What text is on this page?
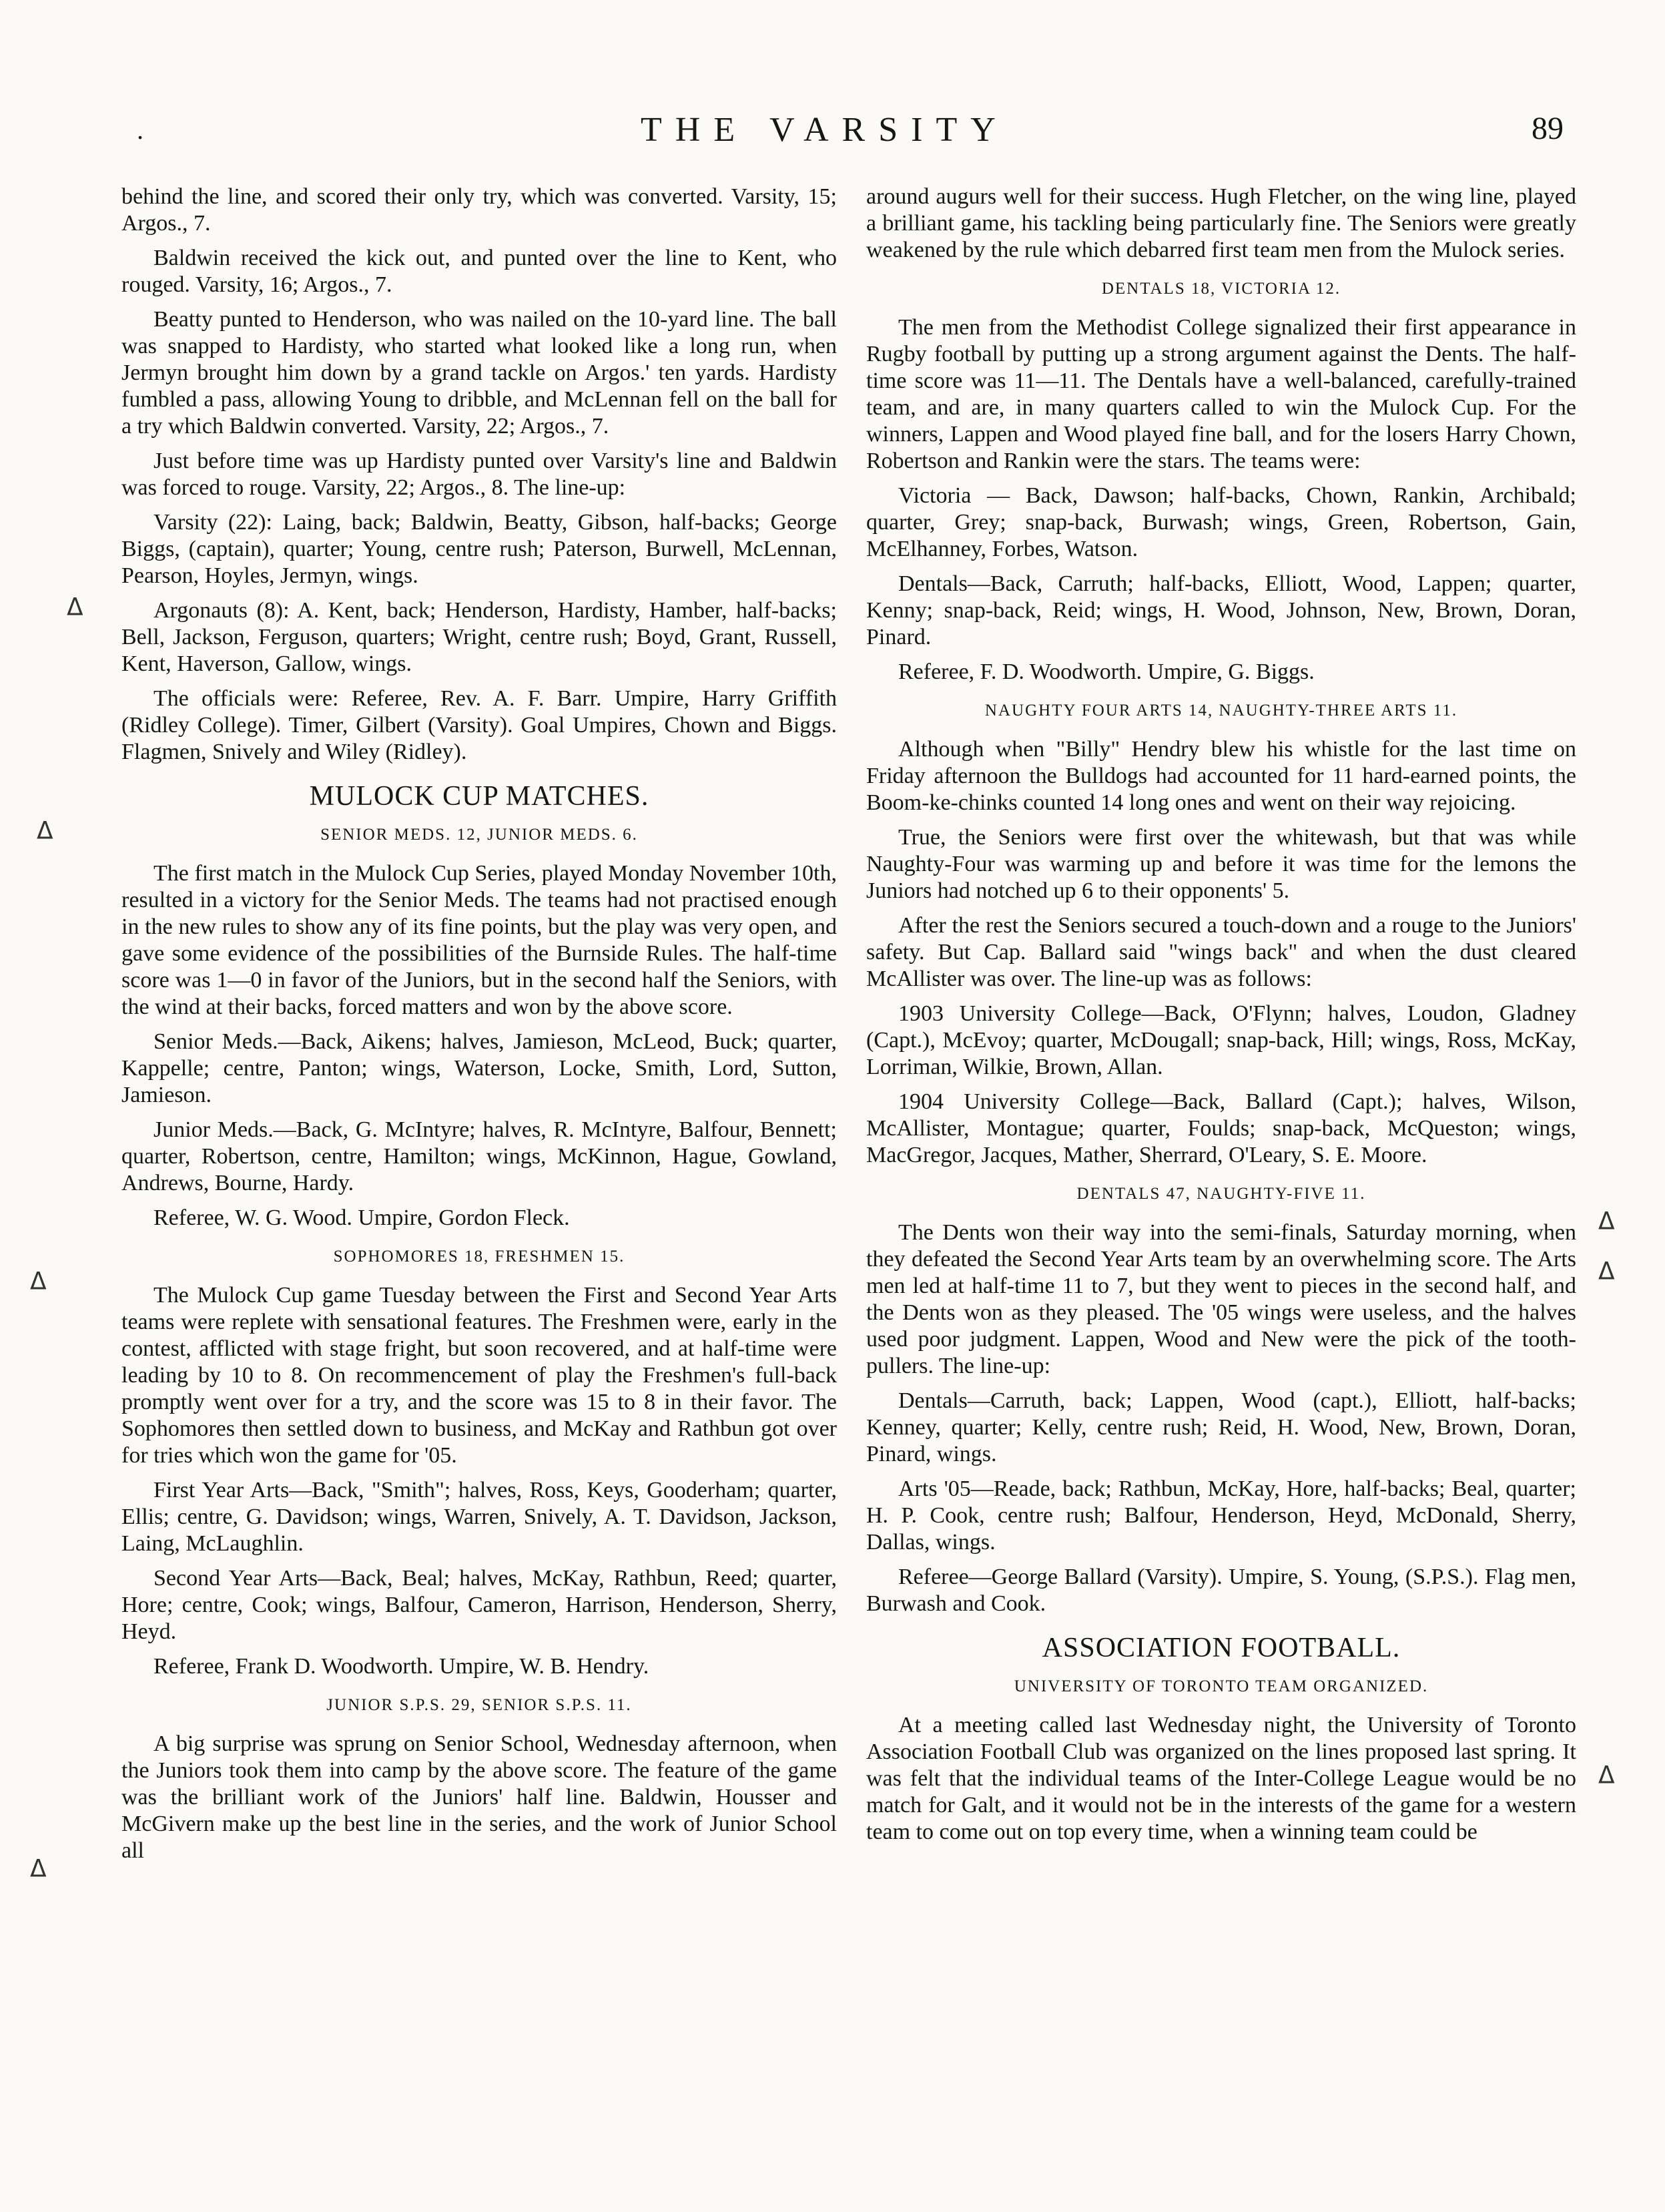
.	THE VARSITY	89

behind the line, and scored their only try, which was converted. Varsity, 15; Argos., 7.

Baldwin received the kick out, and punted over the line to Kent, who rouged. Varsity, 16; Argos., 7.

Beatty punted to Henderson, who was nailed on the 10-yard line. The ball was snapped to Hardisty, who started what looked like a long run, when Jermyn brought him down by a grand tackle on Argos.' ten yards. Hardisty fumbled a pass, allowing Young to dribble, and McLennan fell on the ball for a try which Baldwin converted. Varsity, 22; Argos., 7.

Just before time was up Hardisty punted over Varsity's line and Baldwin was forced to rouge. Varsity, 22; Argos., 8. The line-up:

Varsity (22): Laing, back; Baldwin, Beatty, Gibson, half-backs; George Biggs, (captain), quarter; Young, centre rush; Paterson, Burwell, McLennan, Pearson, Hoyles, Jermyn, wings.

Argonauts (8): A. Kent, back; Henderson, Hardisty, Hamber, half-backs; Bell, Jackson, Ferguson, quarters; Wright, centre rush; Boyd, Grant, Russell, Kent, Haverson, Gallow, wings.

The officials were: Referee, Rev. A. F. Barr. Umpire, Harry Griffith (Ridley College). Timer, Gilbert (Varsity). Goal Umpires, Chown and Biggs. Flagmen, Snively and Wiley (Ridley).

MULOCK CUP MATCHES.
SENIOR MEDS. 12, JUNIOR MEDS. 6.

The first match in the Mulock Cup Series, played Monday November 10th, resulted in a victory for the Senior Meds. The teams had not practised enough in the new rules to show any of its fine points, but the play was very open, and gave some evidence of the possibilities of the Burnside Rules. The half-time score was 1—0 in favor of the Juniors, but in the second half the Seniors, with the wind at their backs, forced matters and won by the above score.

Senior Meds.—Back, Aikens; halves, Jamieson, McLeod, Buck; quarter, Kappelle; centre, Panton; wings, Waterson, Locke, Smith, Lord, Sutton, Jamieson.

Junior Meds.—Back, G. McIntyre; halves, R. McIntyre, Balfour, Bennett; quarter, Robertson, centre, Hamilton; wings, McKinnon, Hague, Gowland, Andrews, Bourne, Hardy.

Referee, W. G. Wood. Umpire, Gordon Fleck.

SOPHOMORES 18, FRESHMEN 15.

The Mulock Cup game Tuesday between the First and Second Year Arts teams were replete with sensational features. The Freshmen were, early in the contest, afflicted with stage fright, but soon recovered, and at half-time were leading by 10 to 8. On recommencement of play the Freshmen's full-back promptly went over for a try, and the score was 15 to 8 in their favor. The Sophomores then settled down to business, and McKay and Rathbun got over for tries which won the game for '05.

First Year Arts—Back, "Smith"; halves, Ross, Keys, Gooderham; quarter, Ellis; centre, G. Davidson; wings, Warren, Snively, A. T. Davidson, Jackson, Laing, McLaughlin.

Second Year Arts—Back, Beal; halves, McKay, Rathbun, Reed; quarter, Hore; centre, Cook; wings, Balfour, Cameron, Harrison, Henderson, Sherry, Heyd.

Referee, Frank D. Woodworth. Umpire, W. B. Hendry.

JUNIOR S.P.S. 29, SENIOR S.P.S. 11.

A big surprise was sprung on Senior School, Wednesday afternoon, when the Juniors took them into camp by the above score. The feature of the game was the brilliant work of the Juniors' half line. Baldwin, Housser and McGivern make up the best line in the series, and the work of Junior School all

around augurs well for their success. Hugh Fletcher, on the wing line, played a brilliant game, his tackling being particularly fine. The Seniors were greatly weakened by the rule which debarred first team men from the Mulock series.

DENTALS 18, VICTORIA 12.

The men from the Methodist College signalized their first appearance in Rugby football by putting up a strong argument against the Dents. The half-time score was 11—11. The Dentals have a well-balanced, carefully-trained team, and are, in many quarters called to win the Mulock Cup. For the winners, Lappen and Wood played fine ball, and for the losers Harry Chown, Robertson and Rankin were the stars. The teams were:

Victoria — Back, Dawson; half-backs, Chown, Rankin, Archibald; quarter, Grey; snap-back, Burwash; wings, Green, Robertson, Gain, McElhanney, Forbes, Watson.

Dentals—Back, Carruth; half-backs, Elliott, Wood, Lappen; quarter, Kenny; snap-back, Reid; wings, H. Wood, Johnson, New, Brown, Doran, Pinard.

Referee, F. D. Woodworth. Umpire, G. Biggs.

NAUGHTY FOUR ARTS 14, NAUGHTY-THREE ARTS 11.

Although when "Billy" Hendry blew his whistle for the last time on Friday afternoon the Bulldogs had accounted for 11 hard-earned points, the Boom-ke-chinks counted 14 long ones and went on their way rejoicing.

True, the Seniors were first over the whitewash, but that was while Naughty-Four was warming up and before it was time for the lemons the Juniors had notched up 6 to their opponents' 5.

After the rest the Seniors secured a touch-down and a rouge to the Juniors' safety. But Cap. Ballard said "wings back" and when the dust cleared McAllister was over. The line-up was as follows:

1903 University College—Back, O'Flynn; halves, Loudon, Gladney (Capt.), McEvoy; quarter, McDougall; snap-back, Hill; wings, Ross, McKay, Lorriman, Wilkie, Brown, Allan.

1904 University College—Back, Ballard (Capt.); halves, Wilson, McAllister, Montague; quarter, Foulds; snap-back, McQueston; wings, MacGregor, Jacques, Mather, Sherrard, O'Leary, S. E. Moore.

DENTALS 47, NAUGHTY-FIVE 11.

The Dents won their way into the semi-finals, Saturday morning, when they defeated the Second Year Arts team by an overwhelming score. The Arts men led at half-time 11 to 7, but they went to pieces in the second half, and the Dents won as they pleased. The '05 wings were useless, and the halves used poor judgment. Lappen, Wood and New were the pick of the tooth-pullers. The line-up:

Dentals—Carruth, back; Lappen, Wood (capt.), Elliott, half-backs; Kenney, quarter; Kelly, centre rush; Reid, H. Wood, New, Brown, Doran, Pinard, wings.

Arts '05—Reade, back; Rathbun, McKay, Hore, half-backs; Beal, quarter; H. P. Cook, centre rush; Balfour, Henderson, Heyd, McDonald, Sherry, Dallas, wings.

Referee—George Ballard (Varsity). Umpire, S. Young, (S.P.S.). Flag men, Burwash and Cook.

ASSOCIATION FOOTBALL.
UNIVERSITY OF TORONTO TEAM ORGANIZED.

At a meeting called last Wednesday night, the University of Toronto Association Football Club was organized on the lines proposed last spring. It was felt that the individual teams of the Inter-College League would be no match for Galt, and it would not be in the interests of the game for a western team to come out on top every time, when a winning team could be

ᐃ
ᐃ
ᐃ
ᐃ
ᐃ
ᐃ
ᐃ
